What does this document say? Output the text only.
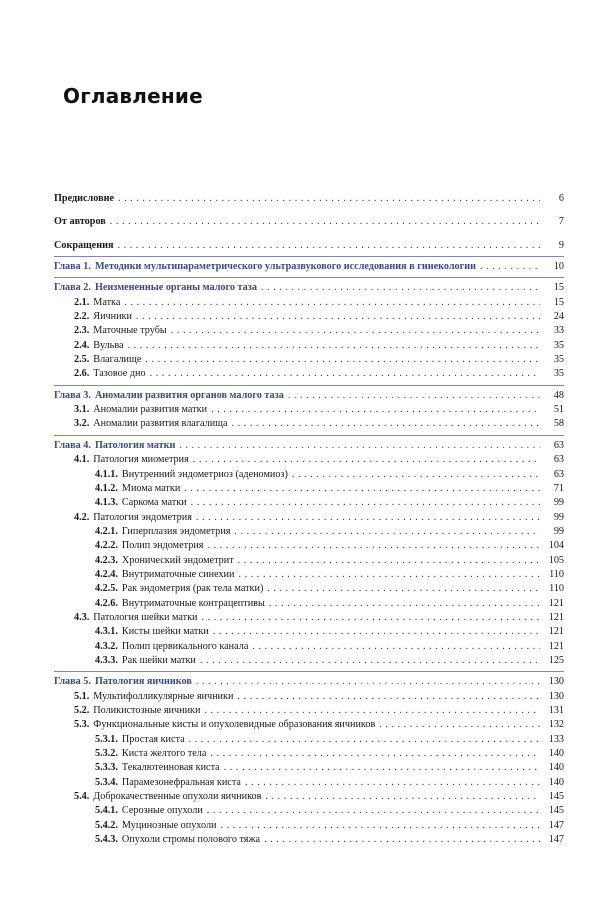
Оглавление
Предисловие . . .	6
От авторов . . .	7
Сокращения . . .	9
Глава 1. Методики мультипараметрического ультразвукового исследования в гинекологии . . .	10
Глава 2. Неизмененные органы малого таза . . .	15
2.1. Матка . . .	15
2.2. Яичники . . .	24
2.3. Маточные трубы . . .	33
2.4. Вульва . . .	35
2.5. Влагалище . . .	35
2.6. Тазовое дно . . .	35
Глава 3. Аномалии развития органов малого таза . . .	48
3.1. Аномалии развития матки . . .	51
3.2. Аномалии развития влагалища . . .	58
Глава 4. Патология матки . . .	63
4.1. Патология миометрия . . .	63
4.1.1. Внутренний эндометриоз (аденомиоз) . . .	63
4.1.2. Миома матки . . .	71
4.1.3. Саркома матки . . .	99
4.2. Патология эндометрия . . .	99
4.2.1. Гиперплазия эндометрия . . .	99
4.2.2. Полип эндометрия . . .	104
4.2.3. Хронический эндометрит . . .	105
4.2.4. Внутриматочные синехии . . .	110
4.2.5. Рак эндометрия (рак тела матки) . . .	110
4.2.6. Внутриматочные контрацептивы . . .	121
4.3. Патология шейки матки . . .	121
4.3.1. Кисты шейки матки . . .	121
4.3.2. Полип цервикального канала . . .	121
4.3.3. Рак шейки матки . . .	125
Глава 5. Патология яичников . . .	130
5.1. Мультифолликулярные яичники . . .	130
5.2. Поликистозные яичники . . .	131
5.3. Функциональные кисты и опухолевидные образования яичников . . .	132
5.3.1. Простая киста . . .	133
5.3.2. Киста желтого тела . . .	140
5.3.3. Текалютеиновая киста . . .	140
5.3.4. Парамезонефральная киста . . .	140
5.4. Доброкачественные опухоли яичников . . .	145
5.4.1. Серозные опухоли . . .	145
5.4.2. Муцинозные опухоли . . .	147
5.4.3. Опухоли стромы полового тяжа . . .	147
